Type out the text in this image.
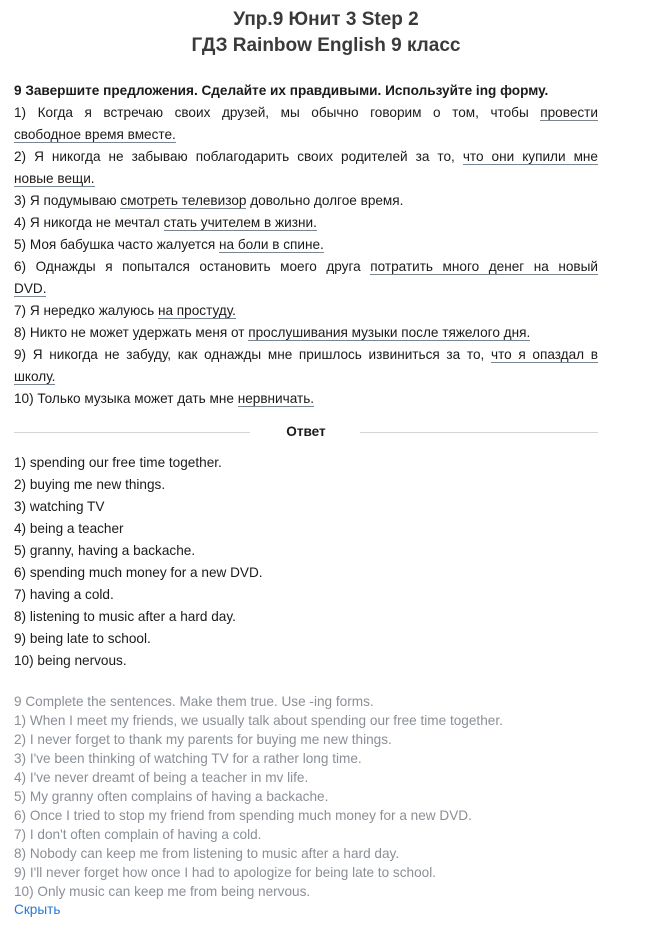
Упр.9 Юнит 3 Step 2
ГДЗ Rainbow English 9 класс
9 Завершите предложения. Сделайте их правдивыми. Используйте ing форму.
1) Когда я встречаю своих друзей, мы обычно говорим о том, чтобы провести
свободное время вместе.
2) Я никогда не забываю поблагодарить своих родителей за то, что они купили мне
новые вещи.
3) Я подумываю смотреть телевизор довольно долгое время.
4) Я никогда не мечтал стать учителем в жизни.
5) Моя бабушка часто жалуется на боли в спине.
6) Однажды я попытался остановить моего друга потратить много денег на новый
DVD.
7) Я нередко жалуюсь на простуду.
8) Никто не может удержать меня от прослушивания музыки после тяжелого дня.
9) Я никогда не забуду, как однажды мне пришлось извиниться за то, что я опаздал в
школу.
10) Только музыка может дать мне нервничать.
Ответ
1) spending our free time together.
2) buying me new things.
3) watching TV
4) being a teacher
5) granny, having a backache.
6) spending much money for a new DVD.
7) having a cold.
8) listening to music after a hard day.
9) being late to school.
10) being nervous.
9 Complete the sentences. Make them true. Use -ing forms.
1) When I meet my friends, we usually talk about spending our free time together.
2) I never forget to thank my parents for buying me new things.
3) I've been thinking of watching TV for a rather long time.
4) I've never dreamt of being a teacher in mv life.
5) My granny often complains of having a backache.
6) Once I tried to stop my friend from spending much money for a new DVD.
7) I don't often complain of having a cold.
8) Nobody can keep me from listening to music after a hard day.
9) I'll never forget how once I had to apologize for being late to school.
10) Only music can keep me from being nervous.
Скрыть
